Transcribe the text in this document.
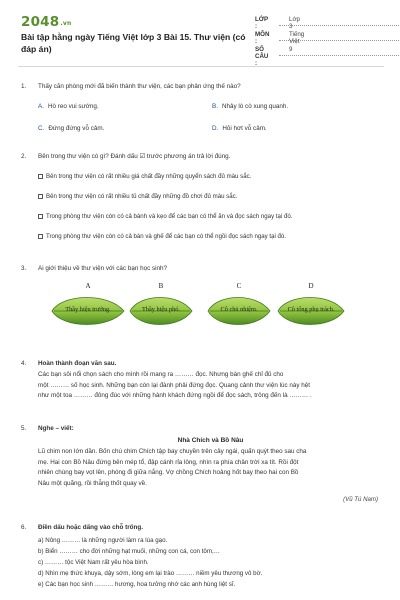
2048.vn
Bài tập hằng ngày Tiếng Việt lớp 3 Bài 15. Thư viện (có đáp án)
LỚP :
Lớp 3
MÔN :
Tiếng Việt
SỐ CÂU :
9
1. Thấy căn phòng mới đã biến thành thư viện, các bạn phản ứng thế nào?
A. Hò reo vui sướng.	B. Nhảy lò cò xung quanh.
C. Đứng đứng vỗ cảm.	D. Hỏi hơt vỗ cảm.
2. Bên trong thư viện có gì? Đánh dấu ☑ trước phương án trả lời đúng.
Bên trong thư viện có rất nhiều giá chất đầy những quyển sách đủ màu sắc.
Bên trong thư viện có rất nhiều tủ chất đầy những đồ chơi đủ màu sắc.
Trong phòng thư viện còn có cả bánh và kẹo để các bạn có thể ăn và đọc sách ngay tại đó.
Trong phòng thư viện còn có cả bàn và ghế để các bạn có thể ngồi đọc sách ngay tại đó.
3. Ai giới thiệu về thư viện với các bạn học sinh?
A
Thầy hiệu trưởng.
B
Thầy hiệu phó.
C
Cô chủ nhiệm.
D
Cô tổng phụ trách.
4. Hoàn thành đoạn văn sau.
Các bạn sôi nổi chọn sách cho mình rồi mang ra ……… đọc. Nhưng bàn ghế chỉ đủ cho
một ……… số học sinh. Những bạn còn lại đành phải đứng đọc. Quang cảnh thư viện lúc này hệt
như một toa ……… đông đúc với những hành khách đứng ngồi để đọc sách, trông đến là ……… .
5. Nghe – viết:
Nhà Chích và Bồ Nâu
Lũ chim non lớn dần. Bốn chú chim Chích tập bay chuyền trên cây ngái, quấn quýt theo sau cha
mẹ. Hai con Bồ Nâu đứng bên mép tổ, đập cánh rỉa lông, nhìn ra phía chân trời xa tít. Rồi đột
nhiên chúng bay vọt lên, phóng đi giữa nắng. Vợ chồng Chích hoảng hốt bay theo hai con Bồ
Nâu một quãng, rồi thẫng thốt quay về.
(Vũ Tú Nam)
6. Điền dấu hoặc dấng vào chỗ trống.
a) Nông ……… là những người làm ra lúa gạo.
b) Biển ……… cho đời những hạt muối, những con cá, con tôm,…
c) ……… tộc Việt Nam rất yêu hòa bình.
d) Nhìn mẹ thức khuya, dậy sớm, lòng em lại trào ……… niềm yêu thương vô bờ.
e) Các bạn học sinh ……… hương, hoa tưởng nhớ các anh hùng liệt sĩ.
